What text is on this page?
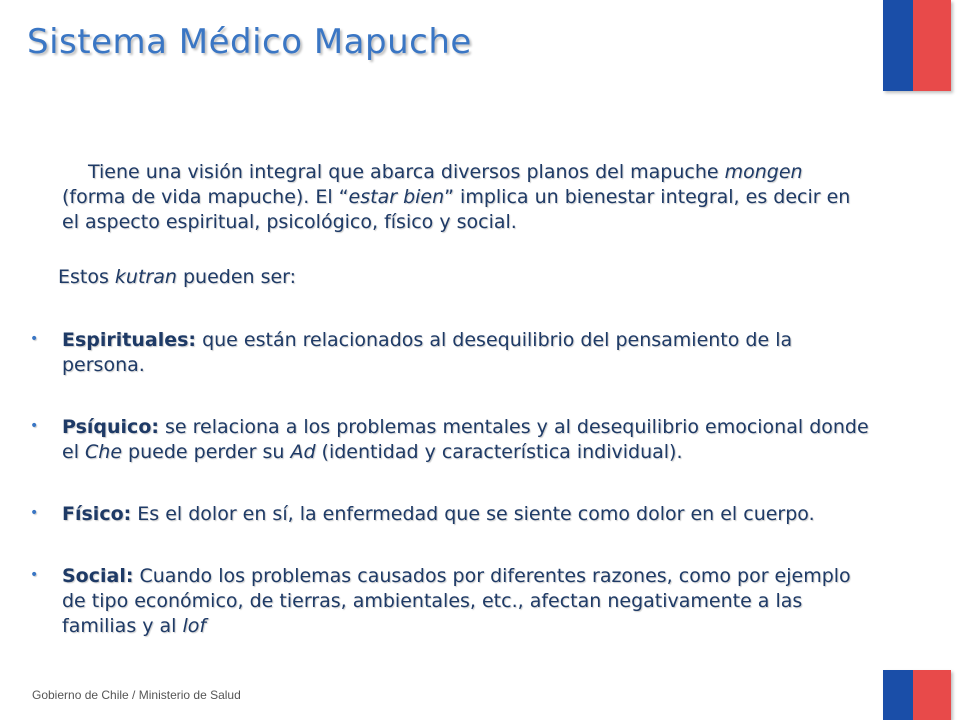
Sistema Médico Mapuche

Tiene una visión integral que abarca diversos planos del mapuche mongen (forma de vida mapuche). El “estar bien” implica un bienestar integral, es decir en el aspecto espiritual, psicológico, físico y social.

Estos kutran pueden ser:

• Espirituales: que están relacionados al desequilibrio del pensamiento de la persona.
• Psíquico: se relaciona a los problemas mentales y al desequilibrio emocional donde el Che puede perder su Ad (identidad y característica individual).
• Físico: Es el dolor en sí, la enfermedad que se siente como dolor en el cuerpo.
• Social: Cuando los problemas causados por diferentes razones, como por ejemplo de tipo económico, de tierras, ambientales, etc., afectan negativamente a las familias y al lof
Gobierno de Chile / Ministerio de Salud
